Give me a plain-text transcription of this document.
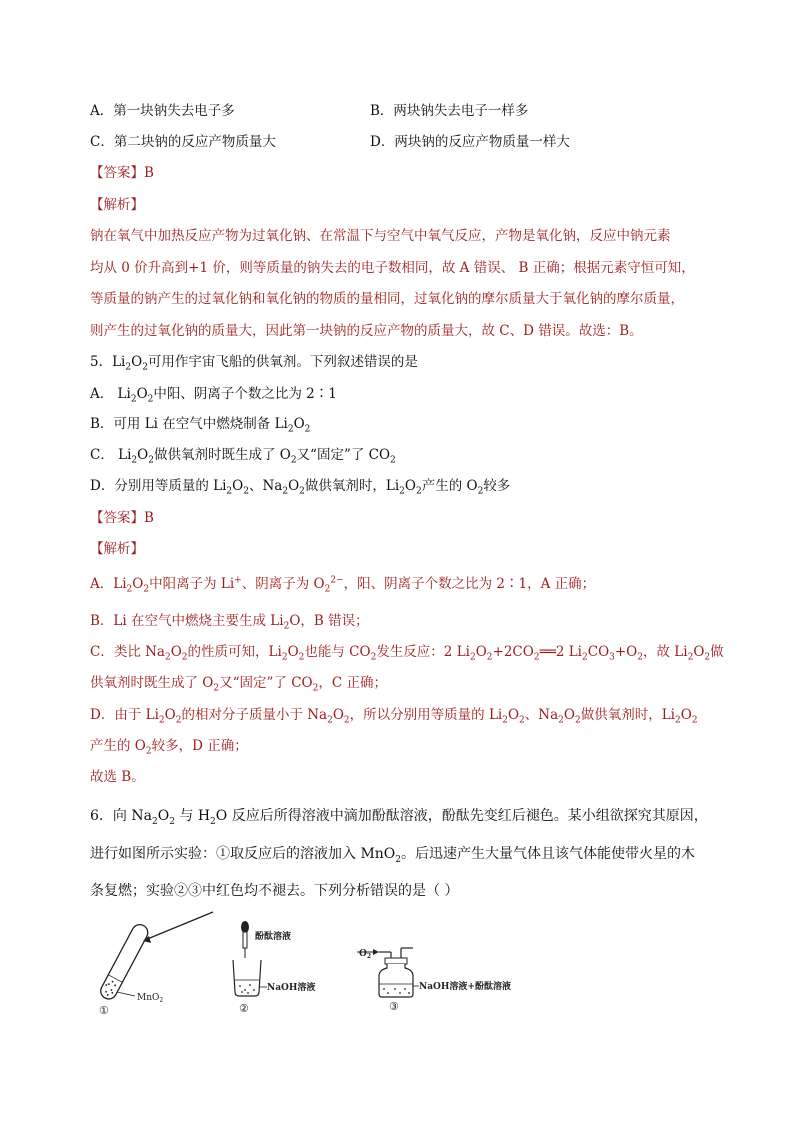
A．第一块钠失去电子多	B．两块钠失去电子一样多
C．第二块钠的反应产物质量大	D．两块钠的反应产物质量一样大
【答案】B
【解析】
钠在氧气中加热反应产物为过氧化钠、在常温下与空气中氧气反应，产物是氧化钠，反应中钠元素
均从 0 价升高到+1 价，则等质量的钠失去的电子数相同，故 A 错误、 B 正确；根据元素守恒可知，
等质量的钠产生的过氧化钠和氧化钠的物质的量相同，过氧化钠的摩尔质量大于氧化钠的摩尔质量，
则产生的过氧化钠的质量大，因此第一块钠的反应产物的质量大，故 C、D 错误。故选：B。
5．$Li_2O_2$可用作宇宙飞船的供氧剂。下列叙述错误的是
A． $Li_2O_2$中阳、阴离子个数之比为 2∶1
B．可用 Li 在空气中燃烧制备 $Li_2O_2$
C． $Li_2O_2$做供氧剂时既生成了 $O_2$又“固定”了 $CO_2$
D．分别用等质量的 $Li_2O_2$、$Na_2O_2$做供氧剂时，$Li_2O_2$产生的 $O_2$较多
【答案】B
【解析】
A．$Li_2O_2$中阳离子为 Li+、阴离子为 $O_2^{2-}$，阳、阴离子个数之比为 2∶1，A 正确；
B．Li 在空气中燃烧主要生成 $Li_2O$，B 错误；
C．类比 $Na_2O_2$的性质可知，$Li_2O_2$也能与 $CO_2$发生反应：2 $Li_2O_2+2CO_2══2$ $Li_2CO_3+O_2$，故 $Li_2O_2$做
供氧剂时既生成了 $O_2$又“固定”了 $CO_2$，C 正确；
D．由于 $Li_2O_2$的相对分子质量小于 $Na_2O_2$，所以分别用等质量的 $Li_2O_2$、$Na_2O_2$做供氧剂时，$Li_2O_2$
产生的 $O_2$较多，D 正确；
故选 B。
6．向 $Na_2O_2$ 与 $H_2O$ 反应后所得溶液中滴加酚酞溶液，酚酞先变红后褪色。某小组欲探究其原因，
进行如图所示实验：①取反应后的溶液加入 MnO$_2$。后迅速产生大量气体且该气体能使带火星的木
条复燃；实验②③中红色均不褪去。下列分析错误的是（ ）
MnO$_2$
①
酚酞溶液
NaOH溶液
②
$O_2$
NaOH溶液+酚酞溶液
③
